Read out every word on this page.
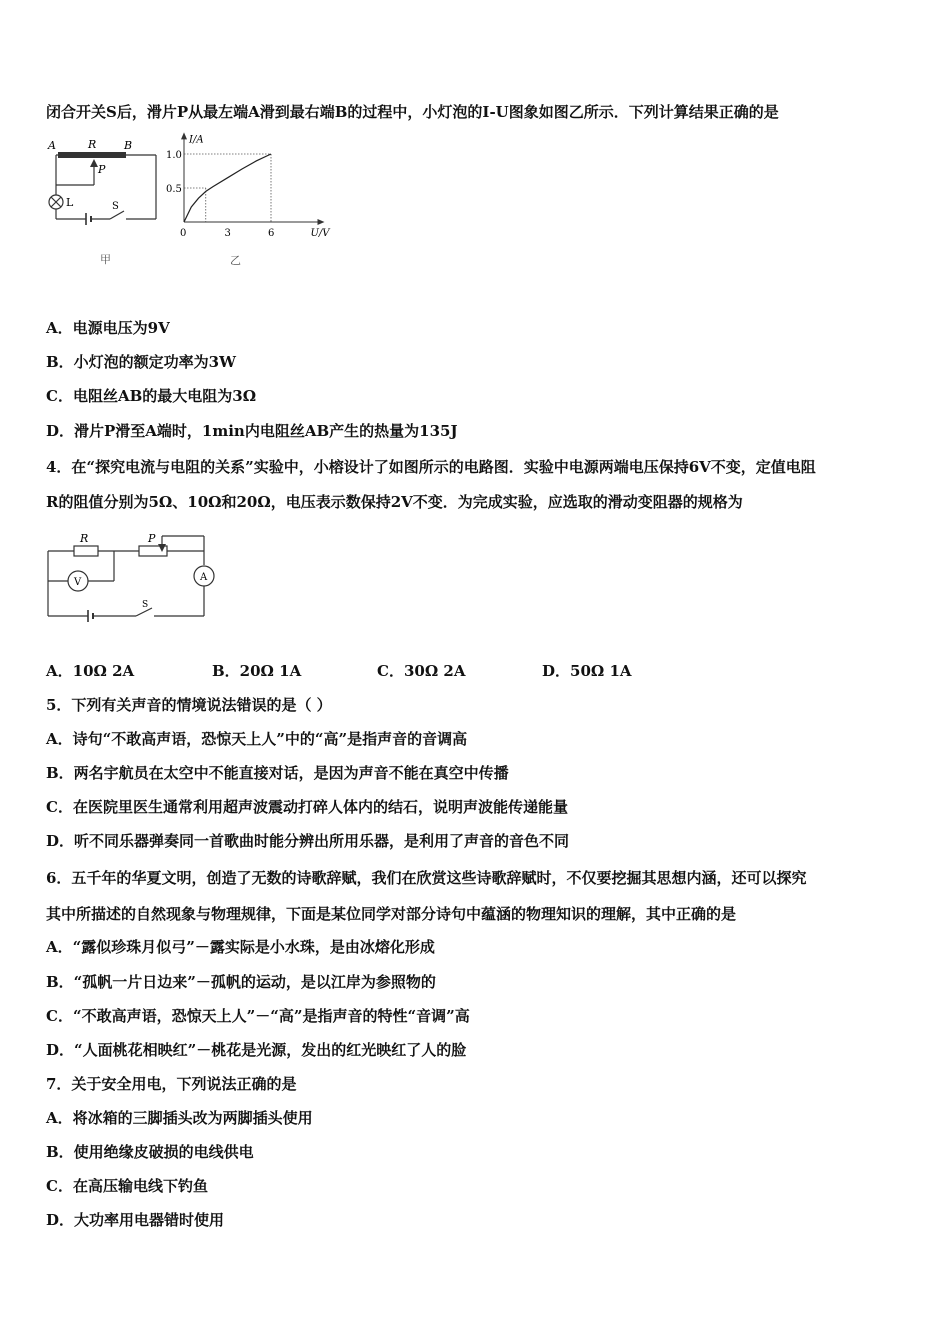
闭合开关S后，滑片P从最左端A滑到最右端B的过程中，小灯泡的I-U图象如图乙所示．下列计算结果正确的是
A	R	B
P
L	S
甲
0	3	6
0.5
1.0
U/V
I/A
乙
A．电源电压为9V
B．小灯泡的额定功率为3W
C．电阻丝AB的最大电阻为3Ω
D．滑片P滑至A端时，1min内电阻丝AB产生的热量为135J
4．在“探究电流与电阻的关系”实验中，小榕设计了如图所示的电路图．实验中电源两端电压保持6V不变，定值电阻
R的阻值分别为5Ω、10Ω和20Ω，电压表示数保持2V不变．为完成实验，应选取的滑动变阻器的规格为
R	P
V	A
S
A．10Ω 2A	B．20Ω 1A	C．30Ω 2A	D．50Ω 1A
5．下列有关声音的情境说法错误的是（ ）
A．诗句“不敢高声语，恐惊天上人”中的“高”是指声音的音调高
B．两名宇航员在太空中不能直接对话，是因为声音不能在真空中传播
C．在医院里医生通常利用超声波震动打碎人体内的结石，说明声波能传递能量
D．听不同乐器弹奏同一首歌曲时能分辨出所用乐器，是利用了声音的音色不同
6．五千年的华夏文明，创造了无数的诗歌辞赋，我们在欣赏这些诗歌辞赋时，不仅要挖掘其思想内涵，还可以探究
其中所描述的自然现象与物理规律，下面是某位同学对部分诗句中蕴涵的物理知识的理解，其中正确的是
A．“露似珍珠月似弓”－露实际是小水珠，是由冰熔化形成
B．“孤帆一片日边来”－孤帆的运动，是以江岸为参照物的
C．“不敢高声语，恐惊天上人”－“高”是指声音的特性“音调”高
D．“人面桃花相映红”－桃花是光源，发出的红光映红了人的脸
7．关于安全用电，下列说法正确的是
A．将冰箱的三脚插头改为两脚插头使用
B．使用绝缘皮破损的电线供电
C．在高压输电线下钓鱼
D．大功率用电器错时使用
